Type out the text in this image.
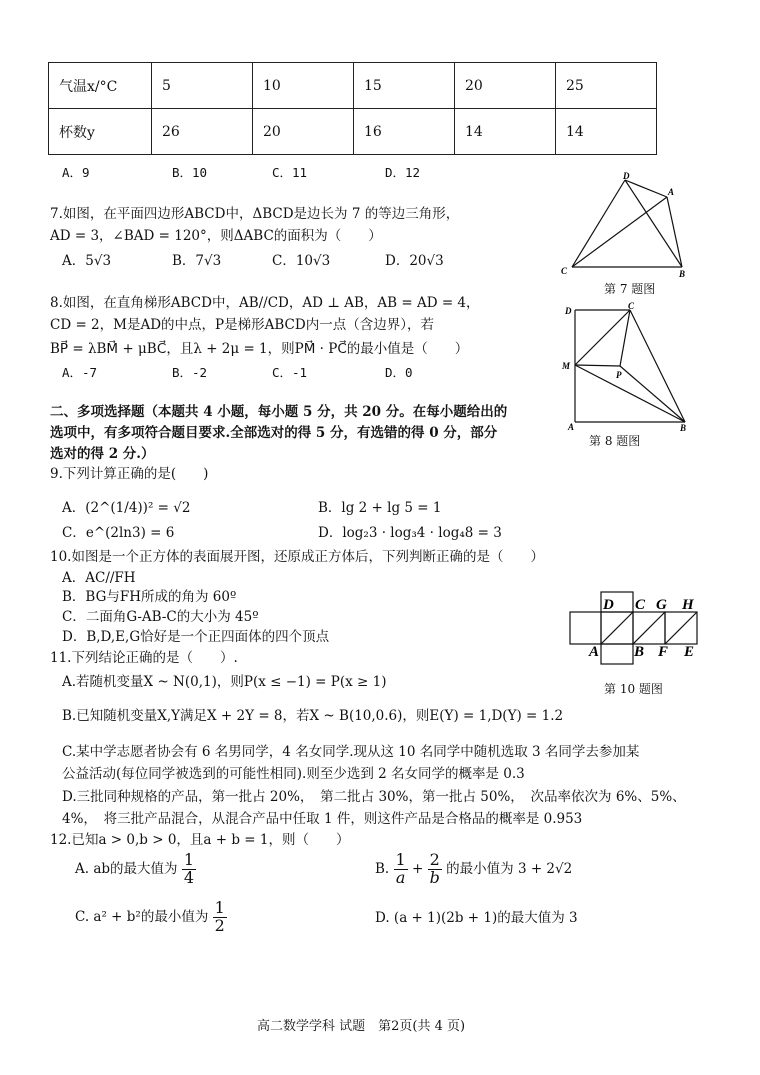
气温x/°C	5	10	15	20	25
杯数y	26	20	16	14	14
A．9	B．10	C．11	D．12
7.如图，在平面四边形ABCD中，ΔBCD是边长为 7 的等边三角形，
AD = 3，∠BAD = 120°，则ΔABC的面积为（　　）
A．5√3	B．7√3	C．10√3	D．20√3
D
A
C	B
第 7 题图
8.如图，在直角梯形ABCD中，AB//CD，AD ⊥ AB，AB = AD = 4，
CD = 2，M是AD的中点，P是梯形ABCD内一点（含边界），若
BP⃗ = λBM⃗ + μBC⃗，且λ + 2μ = 1，则PM⃗ · PC⃗的最小值是（　　）
A．-7	B．-2	C．-1	D．0
D	C
M
P
A	B
第 8 题图
二、多项选择题（本题共 4 小题，每小题 5 分，共 20 分。在每小题给出的
选项中，有多项符合题目要求.全部选对的得 5 分，有选错的得 0 分，部分
选对的得 2 分.）
9.下列计算正确的是(　　)
A．(2^(1/4))² = √2	B．lg 2 + lg 5 = 1
C．e^(2ln3) = 6	D．log₂3 · log₃4 · log₄8 = 3
10.如图是一个正方体的表面展开图，还原成正方体后，下列判断正确的是（　　）
A．AC//FH
B．BG与FH所成的角为 60º
C．二面角G-AB-C的大小为 45º
D．B,D,E,G恰好是一个正四面体的四个顶点
D C G H
A B F E
第 10 题图
11.下列结论正确的是（　　）.
A.若随机变量X ~ N(0,1)，则P(x ≤ −1) = P(x ≥ 1)
B.已知随机变量X,Y满足X + 2Y = 8，若X ~ B(10,0.6)，则E(Y) = 1,D(Y) = 1.2
C.某中学志愿者协会有 6 名男同学，4 名女同学.现从这 10 名同学中随机选取 3 名同学去参加某
公益活动(每位同学被选到的可能性相同).则至少选到 2 名女同学的概率是 0.3
D.三批同种规格的产品，第一批占 20%，　第二批占 30%，第一批占 50%，　次品率依次为 6%、5%、
4%，　将三批产品混合，从混合产品中任取 1 件，则这件产品是合格品的概率是 0.953
12.已知a > 0,b > 0，且a + b = 1，则（　　）
A. ab的最大值为 $\frac{1}{4}$	B. $\frac{1}{a} + \frac{2}{b}$ 的最小值为 3 + 2√2
C. a² + b²的最小值为 $\frac{1}{2}$	D. (a + 1)(2b + 1)的最大值为 3
高二数学学科 试题　第2页(共 4 页)
